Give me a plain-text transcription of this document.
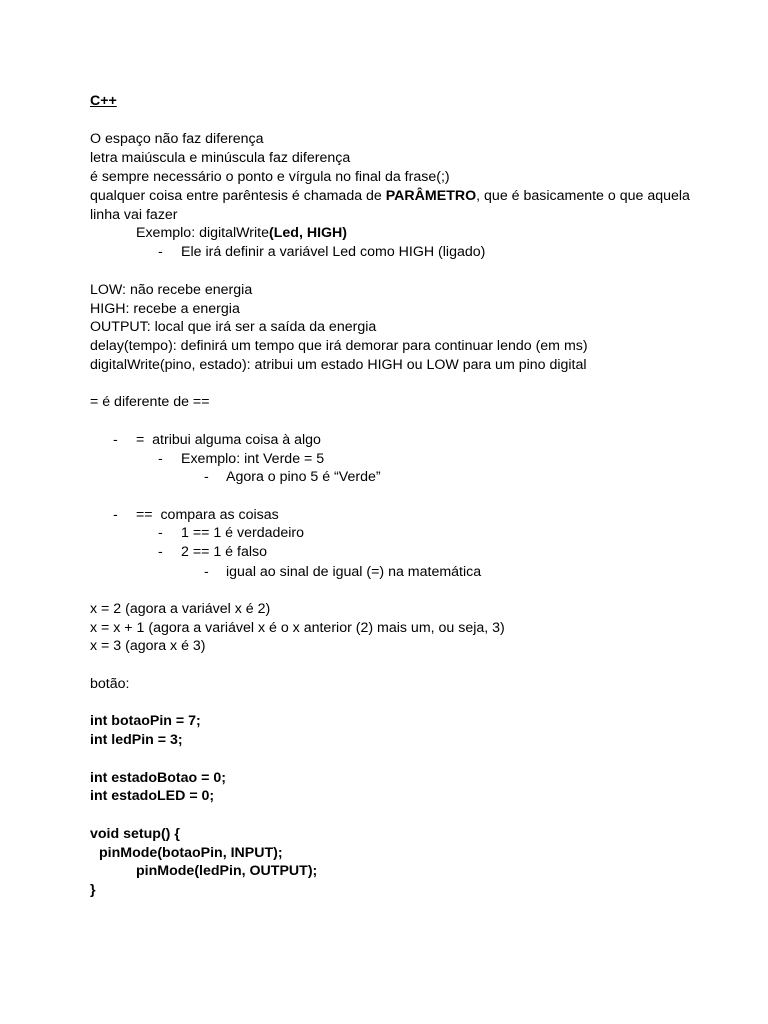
C++
O espaço não faz diferença
letra maiúscula e minúscula faz diferença
é sempre necessário o ponto e vírgula no final da frase(;)
qualquer coisa entre parêntesis é chamada de PARÂMETRO, que é basicamente o que aquela
linha vai fazer
Exemplo: digitalWrite(Led, HIGH)
- Ele irá definir a variável Led como HIGH (ligado)
LOW: não recebe energia
HIGH: recebe a energia
OUTPUT: local que irá ser a saída da energia
delay(tempo): definirá um tempo que irá demorar para continuar lendo (em ms)
digitalWrite(pino, estado): atribui um estado HIGH ou LOW para um pino digital
= é diferente de ==
- =  atribui alguma coisa à algo
- Exemplo: int Verde = 5
- Agora o pino 5 é “Verde”
- ==  compara as coisas
- 1 == 1 é verdadeiro
- 2 == 1 é falso
- igual ao sinal de igual (=) na matemática
x = 2 (agora a variável x é 2)
x = x + 1 (agora a variável x é o x anterior (2) mais um, ou seja, 3)
x = 3 (agora x é 3)
botão:
int botaoPin = 7;
int ledPin = 3;
int estadoBotao = 0;
int estadoLED = 0;
void setup() {
pinMode(botaoPin, INPUT);
pinMode(ledPin, OUTPUT);
}
